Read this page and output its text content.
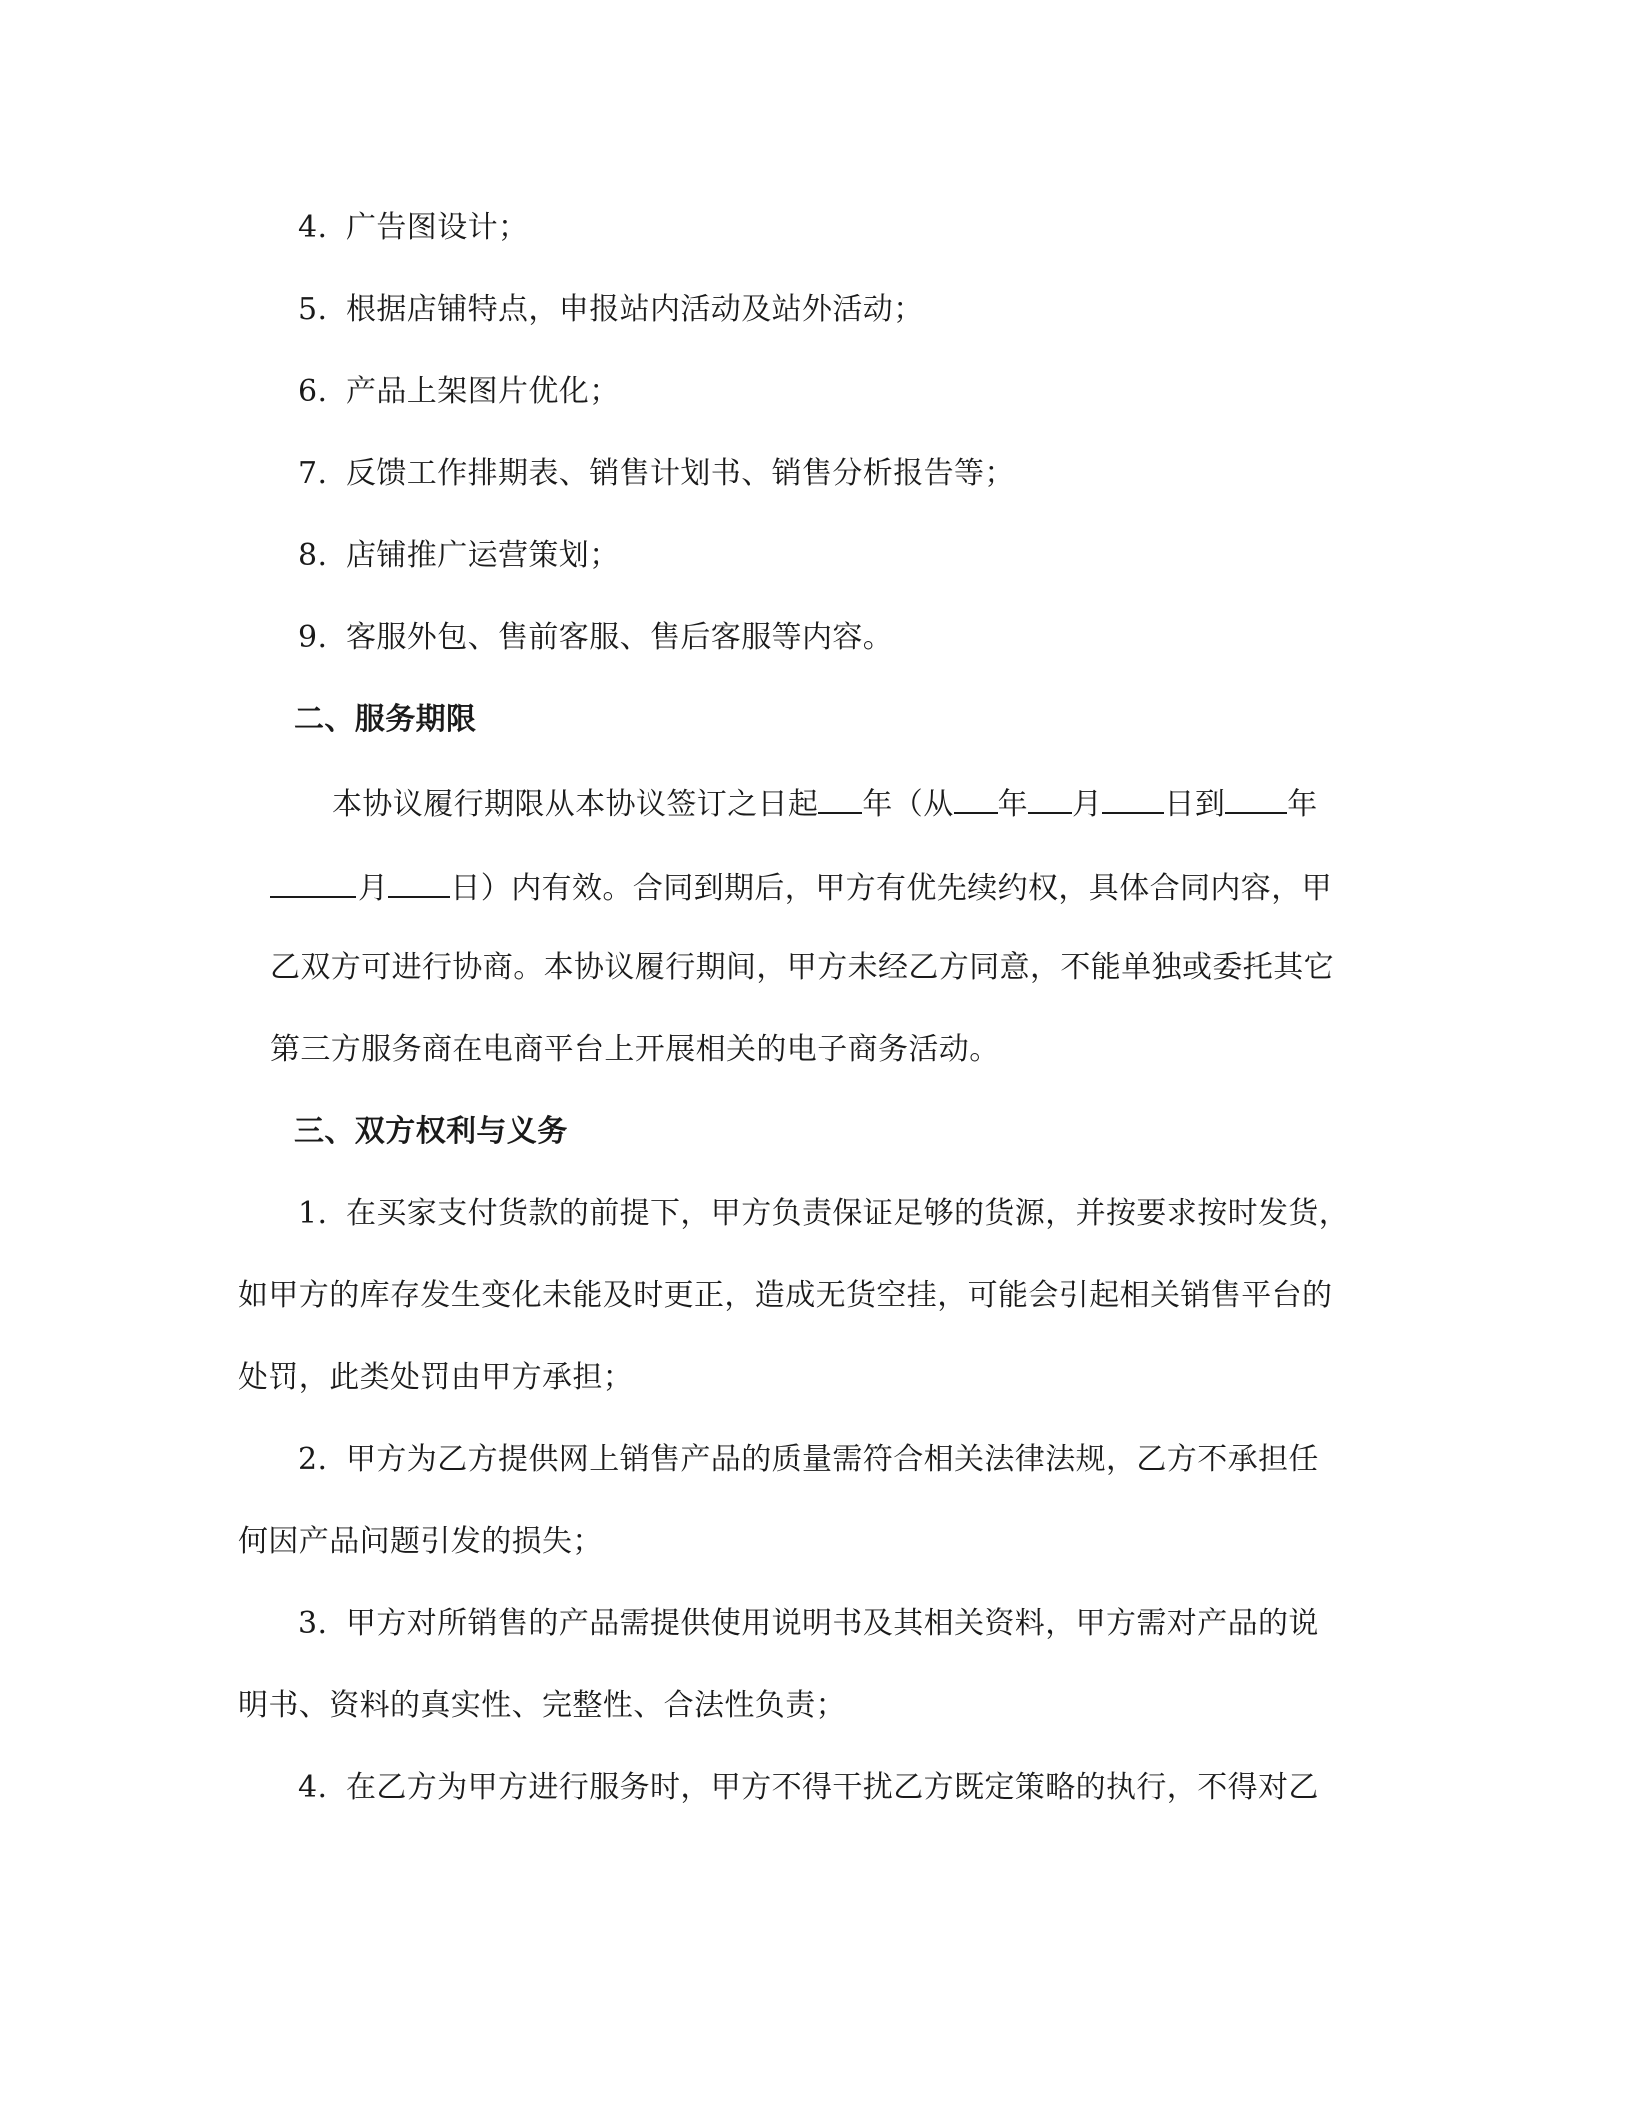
4. 广告图设计；
5. 根据店铺特点，申报站内活动及站外活动；
6. 产品上架图片优化；
7. 反馈工作排期表、销售计划书、销售分析报告等；
8. 店铺推广运营策划；
9. 客服外包、售前客服、售后客服等内容。
二、服务期限
本协议履行期限从本协议签订之日起 年（从 年 月 日到 年
月 日）内有效。合同到期后，甲方有优先续约权，具体合同内容，甲
乙双方可进行协商。本协议履行期间，甲方未经乙方同意，不能单独或委托其它
第三方服务商在电商平台上开展相关的电子商务活动。
三、双方权利与义务
1. 在买家支付货款的前提下，甲方负责保证足够的货源，并按要求按时发货，
如甲方的库存发生变化未能及时更正，造成无货空挂，可能会引起相关销售平台的
处罚，此类处罚由甲方承担；
2. 甲方为乙方提供网上销售产品的质量需符合相关法律法规，乙方不承担任
何因产品问题引发的损失；
3. 甲方对所销售的产品需提供使用说明书及其相关资料，甲方需对产品的说
明书、资料的真实性、完整性、合法性负责；
4. 在乙方为甲方进行服务时，甲方不得干扰乙方既定策略的执行，不得对乙
